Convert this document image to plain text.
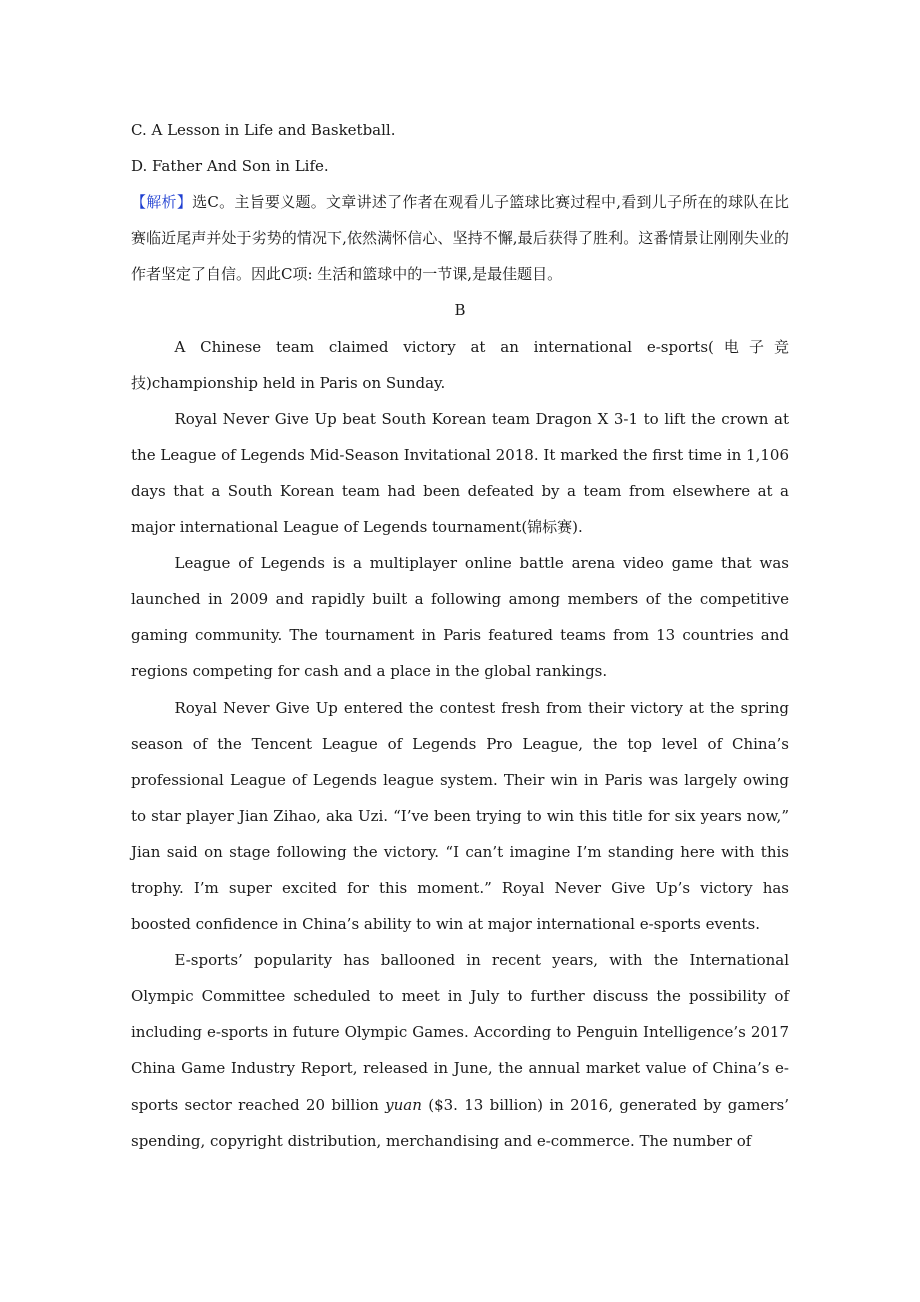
C. A Lesson in Life and Basketball.
D. Father And Son in Life.

【解析】选C。主旨要义题。文章讲述了作者在观看儿子篮球比赛过程中,看到儿子所在的球队在比赛临近尾声并处于劣势的情况下,依然满怀信心、坚持不懈,最后获得了胜利。这番情景让刚刚失业的作者坚定了自信。因此C项: 生活和篮球中的一节课,是最佳题目。

B

A Chinese team claimed victory at an international e-sports(电子竞技)championship held in Paris on Sunday.

Royal Never Give Up beat South Korean team Dragon X 3-1 to lift the crown at the League of Legends Mid-Season Invitational 2018. It marked the first time in 1,106 days that a South Korean team had been defeated by a team from elsewhere at a major international League of Legends tournament(锦标赛).

League of Legends is a multiplayer online battle arena video game that was launched in 2009 and rapidly built a following among members of the competitive gaming community. The tournament in Paris featured teams from 13 countries and regions competing for cash and a place in the global rankings.

Royal Never Give Up entered the contest fresh from their victory at the spring season of the Tencent League of Legends Pro League, the top level of China’s professional League of Legends league system. Their win in Paris was largely owing to star player Jian Zihao, aka Uzi. “I’ve been trying to win this title for six years now,” Jian said on stage following the victory. “I can’t imagine I’m standing here with this trophy. I’m super excited for this moment.” Royal Never Give Up’s victory has boosted confidence in China’s ability to win at major international e-sports events.

E-sports’ popularity has ballooned in recent years, with the International Olympic Committee scheduled to meet in July to further discuss the possibility of including e-sports in future Olympic Games. According to Penguin Intelligence’s 2017 China Game Industry Report, released in June, the annual market value of China’s e-sports sector reached 20 billion yuan ($3. 13 billion) in 2016, generated by gamers’ spending, copyright distribution, merchandising and e-commerce. The number of
